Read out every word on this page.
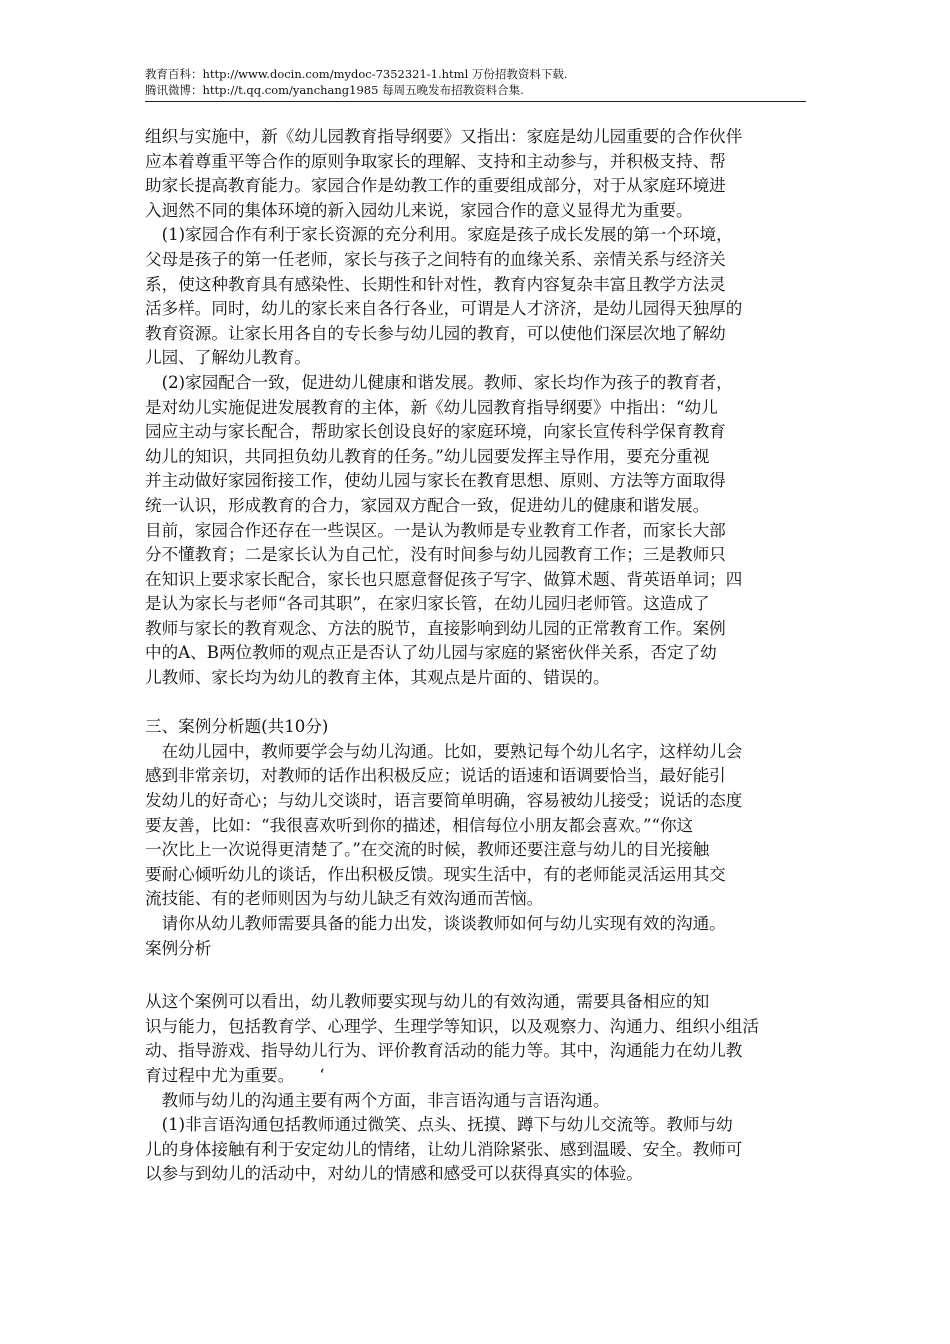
教育百科：http://www.docin.com/mydoc-7352321-1.html 万份招教资料下载.
腾讯微博：http://t.qq.com/yanchang1985 每周五晚发布招教资料合集.
组织与实施中，新《幼儿园教育指导纲要》又指出：家庭是幼儿园重要的合作伙伴
应本着尊重平等合作的原则争取家长的理解、支持和主动参与，并积极支持、帮
助家长提高教育能力。家园合作是幼教工作的重要组成部分，对于从家庭环境进
入迥然不同的集体环境的新入园幼儿来说，家园合作的意义显得尤为重要。
　(1)家园合作有利于家长资源的充分利用。家庭是孩子成长发展的第一个环境，
父母是孩子的第一任老师，家长与孩子之间特有的血缘关系、亲情关系与经济关
系，使这种教育具有感染性、长期性和针对性，教育内容复杂丰富且教学方法灵
活多样。同时，幼儿的家长来自各行各业，可谓是人才济济，是幼儿园得天独厚的
教育资源。让家长用各自的专长参与幼儿园的教育，可以使他们深层次地了解幼
儿园、了解幼儿教育。
　(2)家园配合一致，促进幼儿健康和谐发展。教师、家长均作为孩子的教育者，
是对幼儿实施促进发展教育的主体，新《幼儿园教育指导纲要》中指出：“幼儿
园应主动与家长配合，帮助家长创设良好的家庭环境，向家长宣传科学保育教育
幼儿的知识，共同担负幼儿教育的任务。”幼儿园要发挥主导作用，要充分重视
并主动做好家园衔接工作，使幼儿园与家长在教育思想、原则、方法等方面取得
统一认识，形成教育的合力，家园双方配合一致，促进幼儿的健康和谐发展。
目前，家园合作还存在一些误区。一是认为教师是专业教育工作者，而家长大部
分不懂教育；二是家长认为自己忙，没有时间参与幼儿园教育工作；三是教师只
在知识上要求家长配合，家长也只愿意督促孩子写字、做算术题、背英语单词；四
是认为家长与老师“各司其职”，在家归家长管，在幼儿园归老师管。这造成了
教师与家长的教育观念、方法的脱节，直接影响到幼儿园的正常教育工作。案例
中的A、B两位教师的观点正是否认了幼儿园与家庭的紧密伙伴关系，否定了幼
儿教师、家长均为幼儿的教育主体，其观点是片面的、错误的。
三、案例分析题(共10分)
　在幼儿园中，教师要学会与幼儿沟通。比如，要熟记每个幼儿名字，这样幼儿会
感到非常亲切，对教师的话作出积极反应；说话的语速和语调要恰当，最好能引
发幼儿的好奇心；与幼儿交谈时，语言要简单明确，容易被幼儿接受；说话的态度
要友善，比如：“我很喜欢听到你的描述，相信每位小朋友都会喜欢。”“你这
一次比上一次说得更清楚了。”在交流的时候，教师还要注意与幼儿的目光接触
要耐心倾听幼儿的谈话，作出积极反馈。现实生活中，有的老师能灵活运用其交
流技能、有的老师则因为与幼儿缺乏有效沟通而苦恼。
　请你从幼儿教师需要具备的能力出发，谈谈教师如何与幼儿实现有效的沟通。
案例分析
从这个案例可以看出，幼儿教师要实现与幼儿的有效沟通，需要具备相应的知
识与能力，包括教育学、心理学、生理学等知识，以及观察力、沟通力、组织小组活
动、指导游戏、指导幼儿行为、评价教育活动的能力等。其中，沟通能力在幼儿教
育过程中尤为重要。　　‘
　教师与幼儿的沟通主要有两个方面，非言语沟通与言语沟通。
　(1)非言语沟通包括教师通过微笑、点头、抚摸、蹲下与幼儿交流等。教师与幼
儿的身体接触有利于安定幼儿的情绪，让幼儿消除紧张、感到温暖、安全。教师可
以参与到幼儿的活动中，对幼儿的情感和感受可以获得真实的体验。
